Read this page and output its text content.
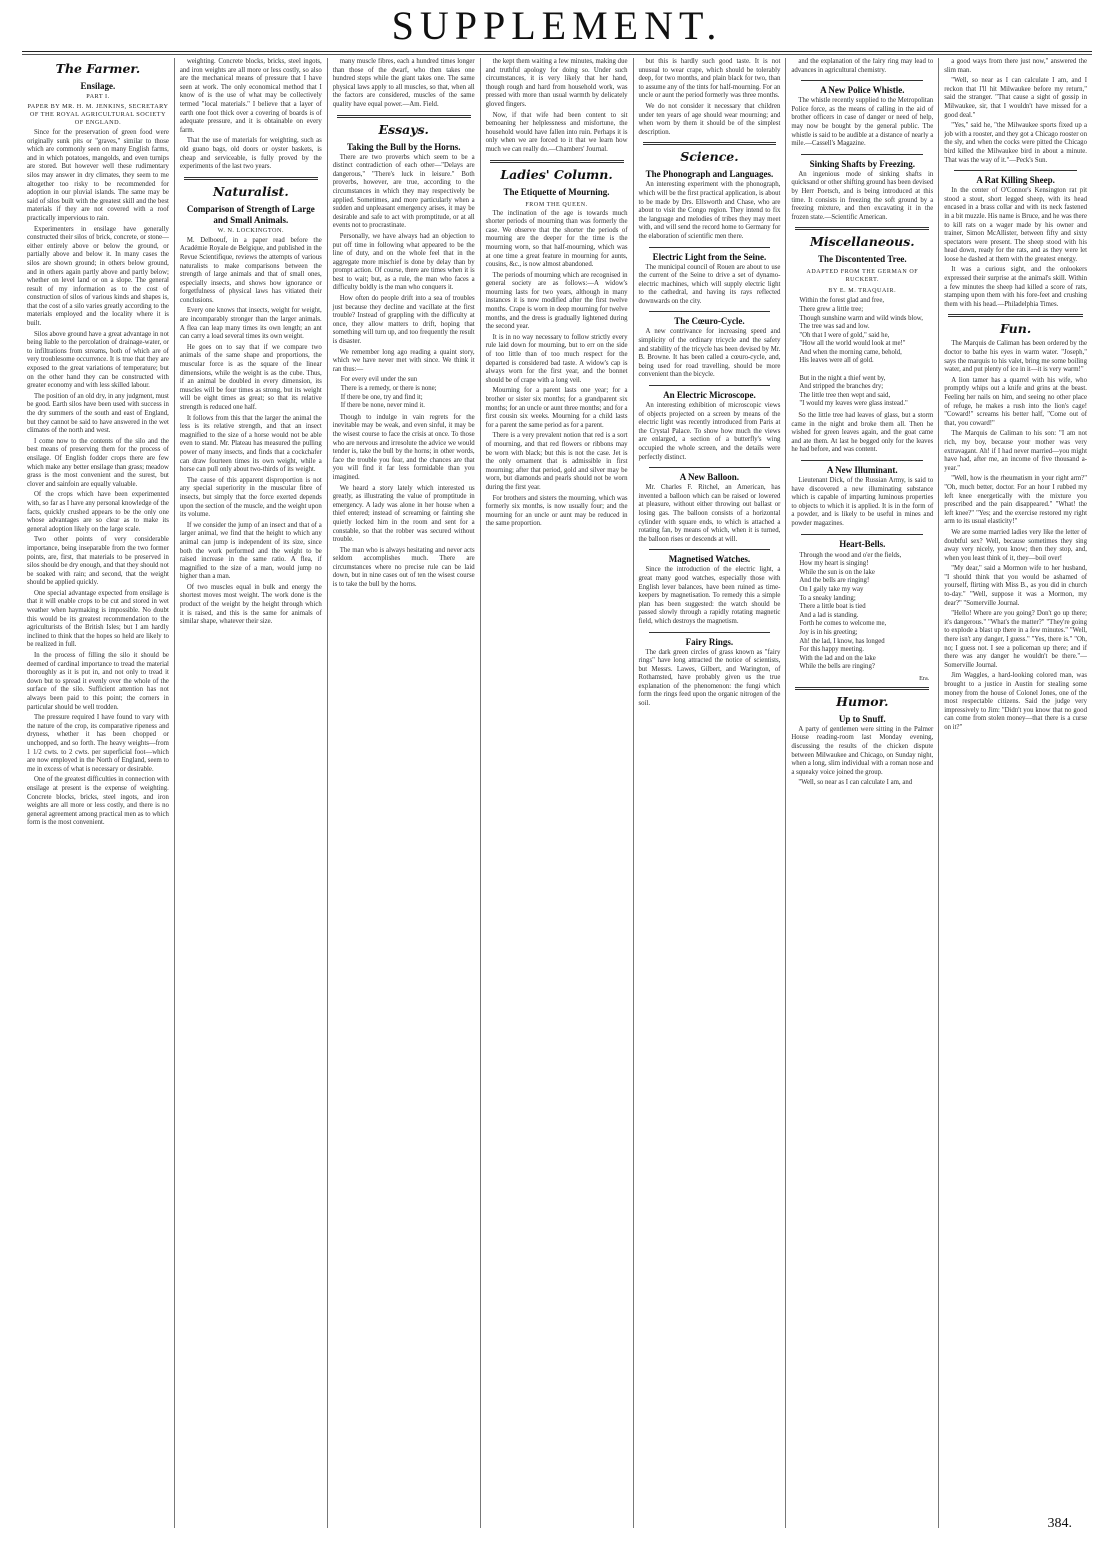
SUPPLEMENT.
The Farmer.
Ensilage.
PART I.
PAPER BY MR. H. M. JENKINS, SECRETARY OF THE ROYAL AGRICULTURAL SOCIETY OF ENGLAND.

Since for the preservation of green food were originally sunk pits or "graves," similar to those which are commonly seen on many English farms, and in which potatoes, mangolds, and even turnips are stored. But however well these rudimentary silos may answer in dry climates, they seem to me altogether too risky to be recommended for adoption in our pluvial islands. The same may be said of silos built with the greatest skill and the best materials if they are not covered with a roof practically impervious to rain.

Experimenters in ensilage have generally constructed their silos of brick, concrete, or stone—either entirely above or below the ground, or partially above and below it. In many cases the silos are shown ground; in others below ground, and in others again partly above and partly below; whether on level land or on a slope. The general result of my information as to the cost of construction of silos of various kinds and shapes is, that the cost of a silo varies greatly according to the materials employed and the locality where it is built.

Silos above ground have a great advantage in not being liable to the percolation of drainage-water, or to infiltrations from streams, both of which are of very troublesome occurrence. It is true that they are exposed to the great variations of temperature; but on the other hand they can be constructed with greater economy and with less skilled labour.

The position of an old dry, in any judgment, must be good. Earth silos have been used with success in the dry summers of the south and east of England, but they cannot be said to have answered in the wet climates of the north and west.

I come now to the contents of the silo and the best means of preserving them for the process of ensilage. Of English fodder crops there are few which make any better ensilage than grass; meadow grass is the most convenient and the surest, but clover and sainfoin are equally valuable.

Of the crops which have been experimented with, so far as I have any personal knowledge of the facts, quickly crushed appears to be the only one whose advantages are so clear as to make its general adoption likely on the large scale.

Two other points of very considerable importance, being inseparable from the two former points, are, first, that materials to be preserved in silos should be dry enough, and that they should not be soaked with rain; and second, that the weight should be applied quickly.

One special advantage expected from ensilage is that it will enable crops to be cut and stored in wet weather when haymaking is impossible. No doubt this would be its greatest recommendation to the agriculturists of the British Isles; but I am hardly inclined to think that the hopes so held are likely to be realized in full.

In the process of filling the silo it should be deemed of cardinal importance to tread the material thoroughly as it is put in, and not only to tread it down but to spread it evenly over the whole of the surface of the silo. Sufficient attention has not always been paid to this point; the corners in particular should be well trodden.

The pressure required I have found to vary with the nature of the crop, its comparative ripeness and dryness, whether it has been chopped or unchopped, and so forth. The heavy weights—from 1 1/2 cwts. to 2 cwts. per superficial foot—which are now employed in the North of England, seem to me in excess of what is necessary or desirable.

One of the greatest difficulties in connection with ensilage at present is the expense of weighting. Concrete blocks, bricks, steel ingots, and iron weights are all more or less costly, and there is no general agreement among practical men as to which form is the most convenient.

weighting. Concrete blocks, bricks, steel ingots, and iron weights are all more or less costly, so also are the mechanical means of pressure that I have seen at work. The only economical method that I know of is the use of what may be collectively termed "local materials." I believe that a layer of earth one foot thick over a covering of boards is of adequate pressure, and it is obtainable on every farm.

That the use of materials for weighting, such as old guano bags, old doors or oyster baskets, is cheap and serviceable, is fully proved by the experiments of the last two years.

Naturalist.
Comparison of Strength of Large and Small Animals.
W. N. LOCKINGTON.

M. Delboeuf, in a paper read before the Académie Royale de Belgique, and published in the Revue Scientifique, reviews the attempts of various naturalists to make comparisons between the strength of large animals and that of small ones, especially insects, and shows how ignorance or forgetfulness of physical laws has vitiated their conclusions.

Every one knows that insects, weight for weight, are incomparably stronger than the larger animals. A flea can leap many times its own length; an ant can carry a load several times its own weight.

He goes on to say that if we compare two animals of the same shape and proportions, the muscular force is as the square of the linear dimensions, while the weight is as the cube. Thus, if an animal be doubled in every dimension, its muscles will be four times as strong, but its weight will be eight times as great; so that its relative strength is reduced one half.

It follows from this that the larger the animal the less is its relative strength, and that an insect magnified to the size of a horse would not be able even to stand. Mr. Plateau has measured the pulling power of many insects, and finds that a cockchafer can draw fourteen times its own weight, while a horse can pull only about two-thirds of its weight.

The cause of this apparent disproportion is not any special superiority in the muscular fibre of insects, but simply that the force exerted depends upon the section of the muscle, and the weight upon its volume.

If we consider the jump of an insect and that of a larger animal, we find that the height to which any animal can jump is independent of its size, since both the work performed and the weight to be raised increase in the same ratio. A flea, if magnified to the size of a man, would jump no higher than a man.

Of two muscles equal in bulk and energy the shortest moves most weight. The work done is the product of the weight by the height through which it is raised, and this is the same for animals of similar shape, whatever their size.

many muscle fibres, each a hundred times longer than those of the dwarf, who then takes one hundred steps while the giant takes one. The same physical laws apply to all muscles, so that, when all the factors are considered, muscles of the same quality have equal power.—Am. Field.

Essays.
Taking the Bull by the Horns.

There are two proverbs which seem to be a distinct contradiction of each other—"Delays are dangerous," "There's luck in leisure." Both proverbs, however, are true, according to the circumstances in which they may respectively be applied. Sometimes, and more particularly when a sudden and unpleasant emergency arises, it may be desirable and safe to act with promptitude, or at all events not to procrastinate.

Personally, we have always had an objection to put off time in following what appeared to be the line of duty, and on the whole feel that in the aggregate more mischief is done by delay than by prompt action. Of course, there are times when it is best to wait; but, as a rule, the man who faces a difficulty boldly is the man who conquers it.

How often do people drift into a sea of troubles just because they decline and vacillate at the first trouble? Instead of grappling with the difficulty at once, they allow matters to drift, hoping that something will turn up, and too frequently the result is disaster.

We remember long ago reading a quaint story, which we have never met with since. We think it ran thus:—

For every evil under the sun
There is a remedy, or there is none;
If there be one, try and find it;
If there be none, never mind it.

Though to indulge in vain regrets for the inevitable may be weak, and even sinful, it may be the wisest course to face the crisis at once. To those who are nervous and irresolute the advice we would tender is, take the bull by the horns; in other words, face the trouble you fear, and the chances are that you will find it far less formidable than you imagined.

We heard a story lately which interested us greatly, as illustrating the value of promptitude in emergency. A lady was alone in her house when a thief entered; instead of screaming or fainting she quietly locked him in the room and sent for a constable, so that the robber was secured without trouble.

The man who is always hesitating and never acts seldom accomplishes much. There are circumstances where no precise rule can be laid down, but in nine cases out of ten the wisest course is to take the bull by the horns.

the kept them waiting a few minutes, making due and truthful apology for doing so. Under such circumstances, it is very likely that her hand, though rough and hard from household work, was pressed with more than usual warmth by delicately gloved fingers.

Now, if that wife had been content to sit bemoaning her helplessness and misfortune, the household would have fallen into ruin. Perhaps it is only when we are forced to it that we learn how much we can really do.—Chambers' Journal.

Ladies' Column.
The Etiquette of Mourning.
FROM THE QUEEN.

The inclination of the age is towards much shorter periods of mourning than was formerly the case. We observe that the shorter the periods of mourning are the deeper for the time is the mourning worn, so that half-mourning, which was at one time a great feature in mourning for aunts, cousins, &c., is now almost abandoned.

The periods of mourning which are recognised in general society are as follows:—A widow's mourning lasts for two years, although in many instances it is now modified after the first twelve months. Crape is worn in deep mourning for twelve months, and the dress is gradually lightened during the second year.

It is in no way necessary to follow strictly every rule laid down for mourning, but to err on the side of too little than of too much respect for the departed is considered bad taste. A widow's cap is always worn for the first year, and the bonnet should be of crape with a long veil.

Mourning for a parent lasts one year; for a brother or sister six months; for a grandparent six months; for an uncle or aunt three months; and for a first cousin six weeks. Mourning for a child lasts for a parent the same period as for a parent.

There is a very prevalent notion that red is a sort of mourning, and that red flowers or ribbons may be worn with black; but this is not the case. Jet is the only ornament that is admissible in first mourning; after that period, gold and silver may be worn, but diamonds and pearls should not be worn during the first year.

For brothers and sisters the mourning, which was formerly six months, is now usually four; and the mourning for an uncle or aunt may be reduced in the same proportion.

but this is hardly such good taste. It is not unusual to wear crape, which should be tolerably deep, for two months, and plain black for two, than to assume any of the tints for half-mourning. For an uncle or aunt the period formerly was three months.

We do not consider it necessary that children under ten years of age should wear mourning; and when worn by them it should be of the simplest description.

Science.
The Phonograph and Languages.

An interesting experiment with the phonograph, which will be the first practical application, is about to be made by Drs. Ellsworth and Chase, who are about to visit the Congo region. They intend to fix the language and melodies of tribes they may meet with, and will send the record home to Germany for the elaboration of scientific men there.

Electric Light from the Seine.

The municipal council of Rouen are about to use the current of the Seine to drive a set of dynamo-electric machines, which will supply electric light to the cathedral, and having its rays reflected downwards on the city.

The Cœuro-Cycle.

A new contrivance for increasing speed and simplicity of the ordinary tricycle and the safety and stability of the tricycle has been devised by Mr. B. Browne. It has been called a cœuro-cycle, and, being used for road travelling, should be more convenient than the bicycle.

An Electric Microscope.

An interesting exhibition of microscopic views of objects projected on a screen by means of the electric light was recently introduced from Paris at the Crystal Palace. To show how much the views are enlarged, a section of a butterfly's wing occupied the whole screen, and the details were perfectly distinct.

A New Balloon.

Mr. Charles F. Ritchel, an American, has invented a balloon which can be raised or lowered at pleasure, without either throwing out ballast or losing gas. The balloon consists of a horizontal cylinder with square ends, to which is attached a rotating fan, by means of which, when it is turned, the balloon rises or descends at will.

Magnetised Watches.

Since the introduction of the electric light, a great many good watches, especially those with English lever balances, have been ruined as time-keepers by magnetisation. To remedy this a simple plan has been suggested: the watch should be passed slowly through a rapidly rotating magnetic field, which destroys the magnetism.

Fairy Rings.

The dark green circles of grass known as "fairy rings" have long attracted the notice of scientists, but Messrs. Lawes, Gilbert, and Warington, of Rothamsted, have probably given us the true explanation of the phenomenon: the fungi which form the rings feed upon the organic nitrogen of the soil.

and the explanation of the fairy ring may lead to advances in agricultural chemistry.

A New Police Whistle.

The whistle recently supplied to the Metropolitan Police force, as the means of calling in the aid of brother officers in case of danger or need of help, may now be bought by the general public. The whistle is said to be audible at a distance of nearly a mile.—Cassell's Magazine.

Sinking Shafts by Freezing.

An ingenious mode of sinking shafts in quicksand or other shifting ground has been devised by Herr Poetsch, and is being introduced at this time. It consists in freezing the soft ground by a freezing mixture, and then excavating it in the frozen state.—Scientific American.

Miscellaneous.
The Discontented Tree.
ADAPTED FROM THE GERMAN OF RUCKERT.
BY E. M. TRAQUAIR.
Within the forest glad and free,
There grew a little tree;
Though sunshine warm and wild winds blow,
The tree was sad and low.
"Oh that I were of gold," said he,
"How all the world would look at me!"
And when the morning came, behold,
His leaves were all of gold.

But in the night a thief went by,
And stripped the branches dry;
The little tree then wept and said,
"I would my leaves were glass instead."

So the little tree had leaves of glass, but a storm came in the night and broke them all. Then he wished for green leaves again, and the goat came and ate them. At last he begged only for the leaves he had before, and was content.

A New Illuminant.

Lieutenant Dick, of the Russian Army, is said to have discovered a new illuminating substance which is capable of imparting luminous properties to objects to which it is applied. It is in the form of a powder, and is likely to be useful in mines and powder magazines.

Heart-Bells.
Through the wood and o'er the fields,
How my heart is singing!
While the sun is on the lake
And the bells are ringing!
On I gaily take my way
To a sneaky landing;
There a little boat is tied
And a lad is standing.
Forth he comes to welcome me,
Joy is in his greeting;
Ah! the lad, I know, has longed
For this happy meeting.
With the lad and on the lake
While the bells are ringing?
Era.
Humor.
Up to Snuff.

A party of gentlemen were sitting in the Palmer House reading-room last Monday evening, discussing the results of the chicken dispute between Milwaukee and Chicago, on Sunday night, when a long, slim individual with a roman nose and a squeaky voice joined the group.

"Well, so near as I can calculate I am, and

a good ways from there just now," answered the slim man.

"Well, so near as I can calculate I am, and I reckon that I'll hit Milwaukee before my return," said the stranger. "That cause a sight of gossip in Milwaukee, sir, that I wouldn't have missed for a good deal."

"Yes," said he, "the Milwaukee sports fixed up a job with a rooster, and they got a Chicago rooster on the sly, and when the cocks were pitted the Chicago bird killed the Milwaukee bird in about a minute. That was the way of it."—Peck's Sun.

A Rat Killing Sheep.

In the center of O'Connor's Kensington rat pit stood a stout, short legged sheep, with its head encased in a brass collar and with its neck fastened in a bit muzzle. His name is Bruce, and he was there to kill rats on a wager made by his owner and trainer, Simon McAllister, between fifty and sixty spectators were present. The sheep stood with his head down, ready for the rats, and as they were let loose he dashed at them with the greatest energy.

It was a curious sight, and the onlookers expressed their surprise at the animal's skill. Within a few minutes the sheep had killed a score of rats, stamping upon them with his fore-feet and crushing them with his head.—Philadelphia Times.

Fun.

The Marquis de Caliman has been ordered by the doctor to bathe his eyes in warm water. "Joseph," says the marquis to his valet, bring me some boiling water, and put plenty of ice in it—it is very warm!"

A lion tamer has a quarrel with his wife, who promptly whips out a knife and grins at the beast. Feeling her nails on him, and seeing no other place of refuge, he makes a rush into the lion's cage! "Coward!" screams his better half, "Come out of that, you coward!"

The Marquis de Caliman to his son: "I am not rich, my boy, because your mother was very extravagant. Ah! if I had never married—you might have had, after me, an income of five thousand a-year."

"Well, how is the rheumatism in your right arm?" "Oh, much better, doctor. For an hour I rubbed my left knee energetically with the mixture you prescribed and the pain disappeared." "What! the left knee?" "Yes; and the exercise restored my right arm to its usual elasticity!"

We are some married ladies very like the letter of doubtful sex? Well, because sometimes they sing away very nicely, you know; then they stop, and, when you least think of it, they—boil over!

"My dear," said a Mormon wife to her husband, "I should think that you would be ashamed of yourself, flirting with Miss B., as you did in church to-day." "Well, suppose it was a Mormon, my dear?" "Somerville Journal.

"Hello! Where are you going? Don't go up there; it's dangerous." "What's the matter?" "They're going to explode a blast up there in a few minutes." "Well, there isn't any danger, I guess." "Yes, there is." "Oh, no; I guess not. I see a policeman up there; and if there was any danger he wouldn't be there."—Somerville Journal.

Jim Waggles, a hard-looking colored man, was brought to a justice in Austin for stealing some money from the house of Colonel Jones, one of the most respectable citizens. Said the judge very impressively to Jim: "Didn't you know that no good can come from stolen money—that there is a curse on it?"

384.
